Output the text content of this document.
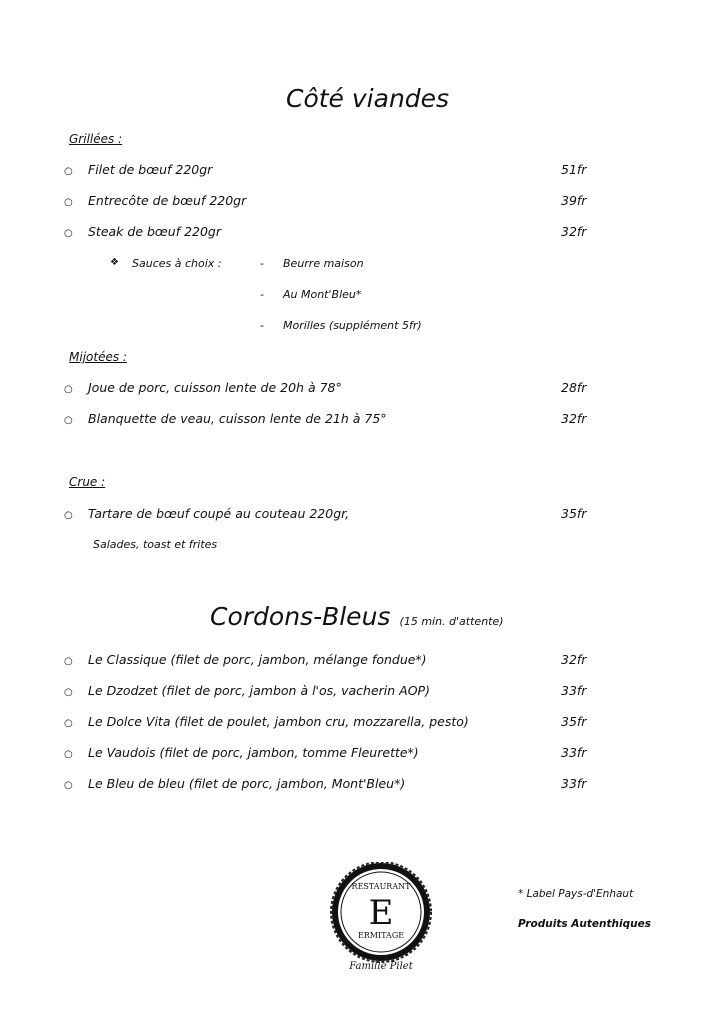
Côté viandes
Grillées :
○ Filet de bœuf 220gr	51fr
○ Entrecôte de bœuf 220gr	39fr
○ Steak de bœuf 220gr	32fr
❖ Sauces à choix :	- Beurre maison
- Au Mont'Bleu*
- Morilles (supplément 5fr)
Mijotées :
○ Joue de porc, cuisson lente de 20h à 78°	28fr
○ Blanquette de veau, cuisson lente de 21h à 75°	32fr
Crue :
○ Tartare de bœuf coupé au couteau 220gr,	35fr
Salades, toast et frites
Cordons-Bleus (15 min. d'attente)
○ Le Classique (filet de porc, jambon, mélange fondue*)	32fr
○ Le Dzodzet (filet de porc, jambon à l'os, vacherin AOP)	33fr
○ Le Dolce Vita (filet de poulet, jambon cru, mozzarella, pesto)	35fr
○ Le Vaudois (filet de porc, jambon, tomme Fleurette*)	33fr
○ Le Bleu de bleu (filet de porc, jambon, Mont'Bleu*)	33fr
RESTAURANT
E
ERMITAGE
Famille Pilet
* Label Pays-d'Enhaut
Produits Autenthiques
